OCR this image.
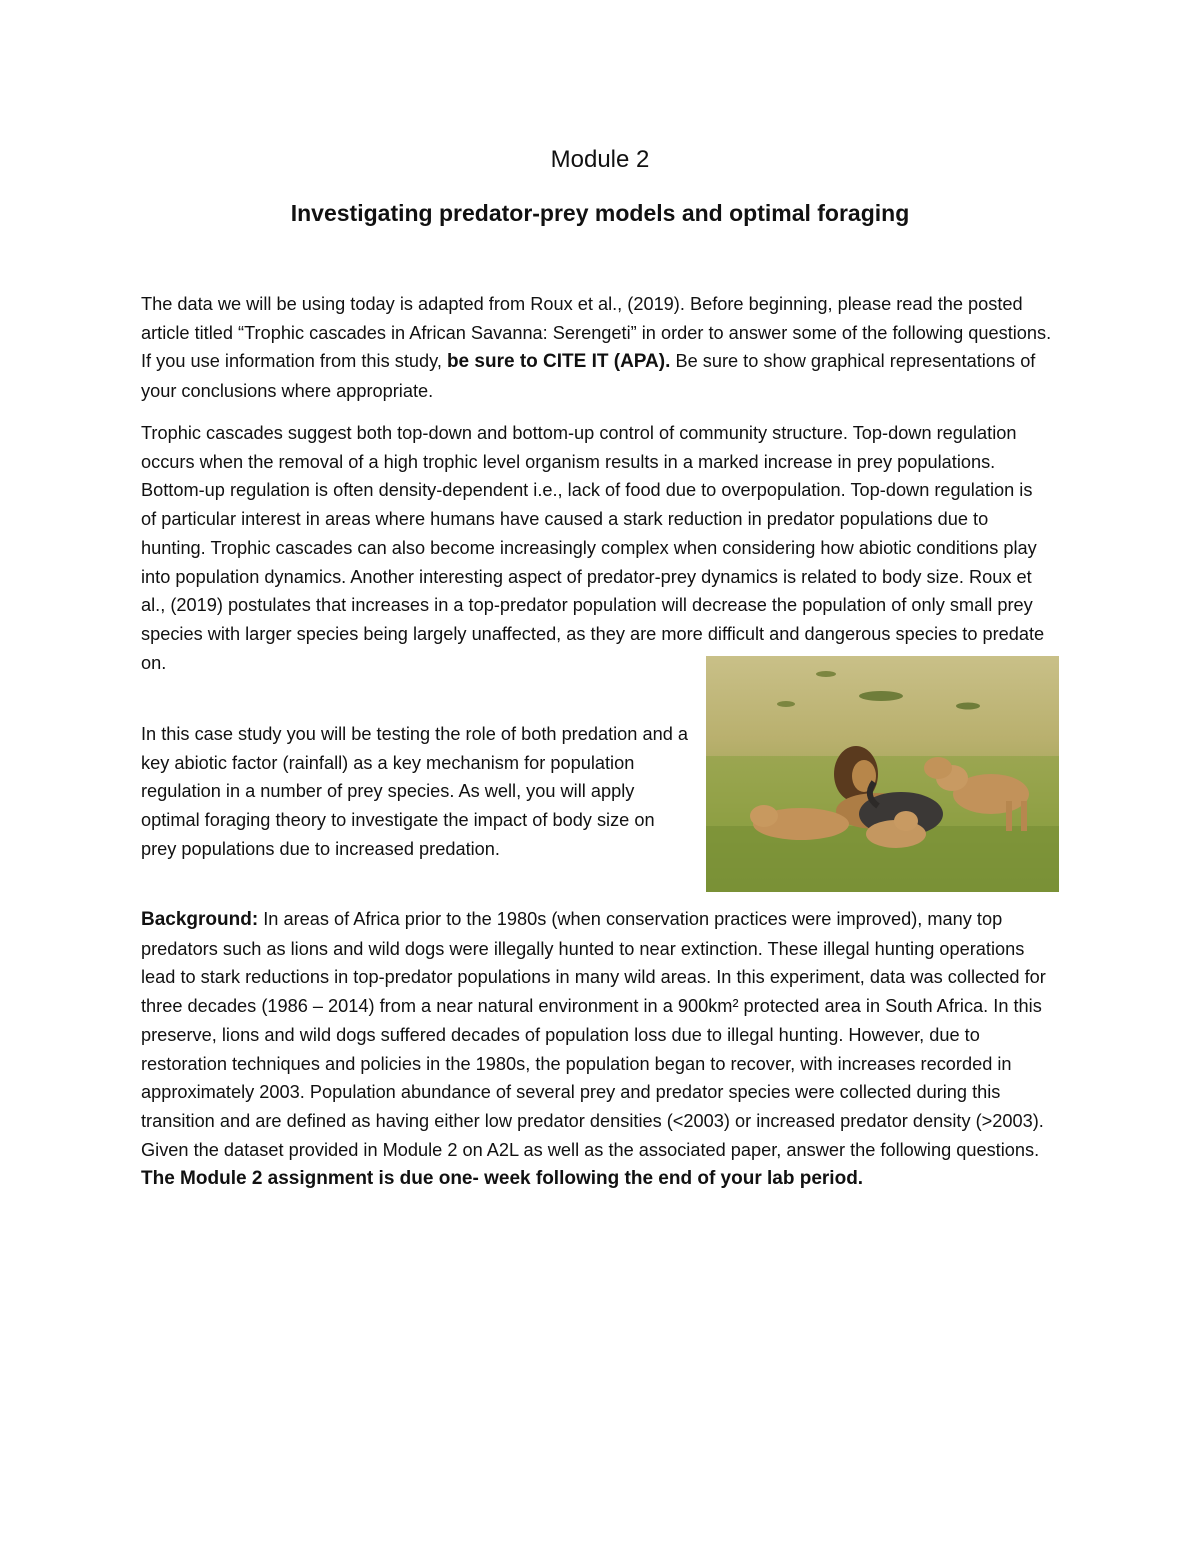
Module 2
Investigating predator-prey models and optimal foraging

The data we will be using today is adapted from Roux et al., (2019). Before beginning, please read the posted article titled “Trophic cascades in African Savanna: Serengeti” in order to answer some of the following questions. If you use information from this study, be sure to CITE IT (APA). Be sure to show graphical representations of your conclusions where appropriate.

Trophic cascades suggest both top-down and bottom-up control of community structure. Top-down regulation occurs when the removal of a high trophic level organism results in a marked increase in prey populations. Bottom-up regulation is often density-dependent i.e., lack of food due to overpopulation. Top-down regulation is of particular interest in areas where humans have caused a stark reduction in predator populations due to hunting. Trophic cascades can also become increasingly complex when considering how abiotic conditions play into population dynamics. Another interesting aspect of predator-prey dynamics is related to body size. Roux et al., (2019) postulates that increases in a top-predator population will decrease the population of only small prey species with larger species being largely unaffected, as they are more difficult and dangerous species to predate on.

In this case study you will be testing the role of both predation and a key abiotic factor (rainfall) as a key mechanism for population regulation in a number of prey species. As well, you will apply optimal foraging theory to investigate the impact of body size on prey populations due to increased predation.

Background: In areas of Africa prior to the 1980s (when conservation practices were improved), many top predators such as lions and wild dogs were illegally hunted to near extinction. These illegal hunting operations lead to stark reductions in top-predator populations in many wild areas. In this experiment, data was collected for three decades (1986 – 2014) from a near natural environment in a 900km² protected area in South Africa. In this preserve, lions and wild dogs suffered decades of population loss due to illegal hunting. However, due to restoration techniques and policies in the 1980s, the population began to recover, with increases recorded in approximately 2003. Population abundance of several prey and predator species were collected during this transition and are defined as having either low predator densities (<2003) or increased predator density (>2003). Given the dataset provided in Module 2 on A2L as well as the associated paper, answer the following questions. The Module 2 assignment is due one- week following the end of your lab period.
